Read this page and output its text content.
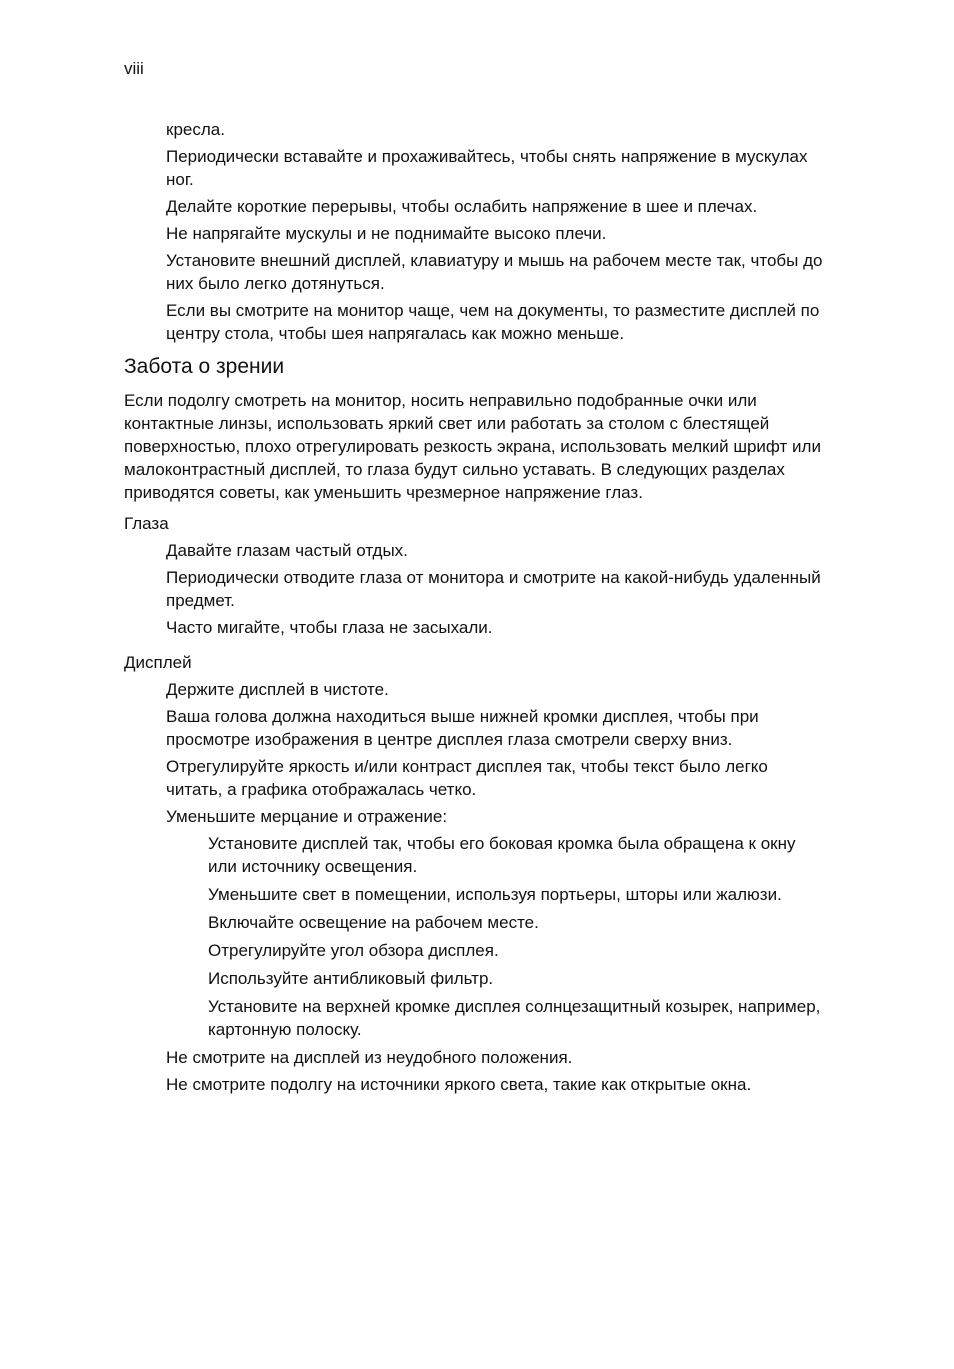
viii
кресла.
Периодически вставайте и прохаживайтесь, чтобы снять напряжение в мускулах ног.
Делайте короткие перерывы, чтобы ослабить напряжение в шее и плечах.
Не напрягайте мускулы и не поднимайте высоко плечи.
Установите внешний дисплей, клавиатуру и мышь на рабочем месте так, чтобы до них было легко дотянуться.
Если вы смотрите на монитор чаще, чем на документы, то разместите дисплей по центру стола, чтобы шея напрягалась как можно меньше.
Забота о зрении
Если подолгу смотреть на монитор, носить неправильно подобранные очки или контактные линзы, использовать яркий свет или работать за столом с блестящей поверхностью, плохо отрегулировать резкость экрана, использовать мелкий шрифт или малоконтрастный дисплей, то глаза будут сильно уставать. В следующих разделах приводятся советы, как уменьшить чрезмерное напряжение глаз.
Глаза
Давайте глазам частый отдых.
Периодически отводите глаза от монитора и смотрите на какой-нибудь удаленный предмет.
Часто мигайте, чтобы глаза не засыхали.
Дисплей
Держите дисплей в чистоте.
Ваша голова должна находиться выше нижней кромки дисплея, чтобы при просмотре изображения в центре дисплея глаза смотрели сверху вниз.
Отрегулируйте яркость и/или контраст дисплея так, чтобы текст было легко читать, а графика отображалась четко.
Уменьшите мерцание и отражение:
Установите дисплей так, чтобы его боковая кромка была обращена к окну или источнику освещения.
Уменьшите свет в помещении, используя портьеры, шторы или жалюзи.
Включайте освещение на рабочем месте.
Отрегулируйте угол обзора дисплея.
Используйте антибликовый фильтр.
Установите на верхней кромке дисплея солнцезащитный козырек, например, картонную полоску.
Не смотрите на дисплей из неудобного положения.
Не смотрите подолгу на источники яркого света, такие как открытые окна.
